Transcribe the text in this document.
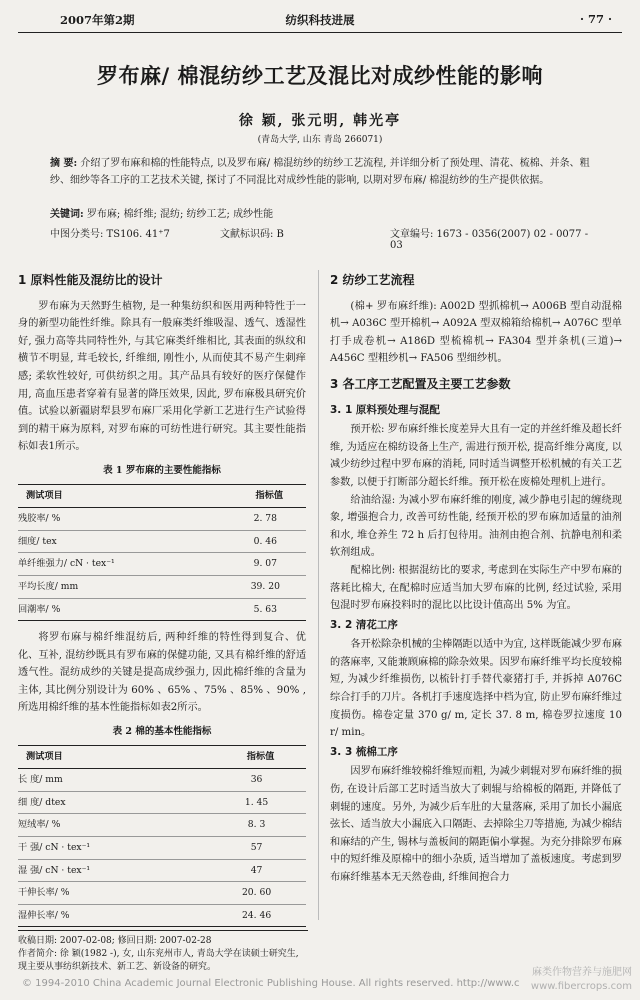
2007年第2期	纺织科技进展	· 77 ·
罗布麻/ 棉混纺纱工艺及混比对成纱性能的影响
徐 颖, 张元明, 韩光亭
(青岛大学, 山东 青岛 266071)
摘 要: 介绍了罗布麻和棉的性能特点, 以及罗布麻/ 棉混纺纱的纺纱工艺流程, 并详细分析了预处理、清花、梳棉、并条、粗纱、细纱等各工序的工艺技术关键, 探讨了不同混比对成纱性能的影响, 以期对罗布麻/ 棉混纺纱的生产提供依据。
关键词: 罗布麻; 棉纤维; 混纺; 纺纱工艺; 成纱性能
中图分类号: TS106. 41⁺7	文献标识码: B	文章编号: 1673 - 0356(2007) 02 - 0077 - 03
1 原料性能及混纺比的设计

罗布麻为天然野生植物, 是一种集纺织和医用两种特性于一身的新型功能性纤维。除具有一般麻类纤维吸湿、透气、透湿性好, 强力高等共同特性外, 与其它麻类纤维相比, 其表面的纵纹和横节不明显, 茸毛较长, 纤维细, 刚性小, 从而使其不易产生刺痒感; 柔软性较好, 可供纺织之用。其产品具有较好的医疗保健作用, 高血压患者穿着有显著的降压效果, 因此, 罗布麻极具研究价值。试验以新疆尉犁县罗布麻厂采用化学新工艺进行生产试验得到的精干麻为原料, 对罗布麻的可纺性进行研究。其主要性能指标如表1所示。

表 1 罗布麻的主要性能指标
测试项目	指标值
残胶率/ %	2. 78
细度/ tex	0. 46
单纤维强力/ cN · tex⁻¹	9. 07
平均长度/ mm	39. 20
回潮率/ %	5. 63

将罗布麻与棉纤维混纺后, 两种纤维的特性得到复合、优化、互补, 混纺纱既具有罗布麻的保健功能, 又具有棉纤维的舒适透气性。混纺成纱的关键是提高成纱强力, 因此棉纤维的含量为主体, 其比例分别设计为 60% 、65% 、75% 、85% 、90% , 所选用棉纤维的基本性能指标如表2所示。

表 2 棉的基本性能指标
测试项目	指标值
长 度/ mm	36
细 度/ dtex	1. 45
短绒率/ %	8. 3
干 强/ cN · tex⁻¹	57
湿 强/ cN · tex⁻¹	47
干伸长率/ %	20. 60
湿伸长率/ %	24. 46
2 纺纱工艺流程

(棉+ 罗布麻纤维): A002D 型抓棉机→ A006B 型自动混棉机→ A036C 型开棉机→ A092A 型双棉箱给棉机→ A076C 型单打手成卷机→ A186D 型梳棉机→ FA304 型并条机(三道)→ A456C 型粗纱机→ FA506 型细纱机。

3 各工序工艺配置及主要工艺参数
3. 1 原料预处理与混配

预开松: 罗布麻纤维长度差异大且有一定的并丝纤维及超长纤维, 为适应在棉纺设备上生产, 需进行预开松, 提高纤维分离度, 以减少纺纱过程中罗布麻的消耗, 同时适当调整开松机械的有关工艺参数, 以便于打断部分超长纤维。预开松在废棉处理机上进行。

给油给湿: 为减小罗布麻纤维的刚度, 减少静电引起的缠绕现象, 增强抱合力, 改善可纺性能, 经预开松的罗布麻加适量的油剂和水, 堆仓养生 72 h 后打包待用。油剂由抱合剂、抗静电剂和柔软剂组成。

配棉比例: 根据混纺比的要求, 考虑到在实际生产中罗布麻的落耗比棉大, 在配棉时应适当加大罗布麻的比例, 经过试验, 采用包混时罗布麻投料时的混比以比设计值高出 5% 为宜。

3. 2 清花工序

各开松除杂机械的尘棒隔距以适中为宜, 这样既能减少罗布麻的落麻率, 又能兼顾麻棉的除杂效果。因罗布麻纤维平均长度较棉短, 为减少纤维损伤, 以梳针打手替代豪猪打手, 并拆掉 A076C 综合打手的刀片。各机打手速度选择中档为宜, 防止罗布麻纤维过度损伤。棉卷定量 370 g/ m, 定长 37. 8 m, 棉卷罗拉速度 10 r/ min。

3. 3 梳棉工序

因罗布麻纤维较棉纤维短而粗, 为减少刺辊对罗布麻纤维的损伤, 在设计后部工艺时适当放大了刺辊与给棉板的隔距, 并降低了刺辊的速度。另外, 为减少后车肚的大量落麻, 采用了加长小漏底弦长、适当放大小漏底入口隔距、去掉除尘刀等措施, 为减少棉结和麻结的产生, 锡林与盖板间的隔距偏小掌握。为充分排除罗布麻中的短纤维及原棉中的细小杂质, 适当增加了盖板速度。考虑到罗布麻纤维基本无天然卷曲, 纤维间抱合力

收稿日期: 2007-02-08; 修回日期: 2007-02-28
作者简介: 徐 颖(1982 -), 女, 山东兖州市人, 青岛大学在读硕士研究生, 现主要从事纺织新技术、新工艺、新设备的研究。
© 1994-2010 China Academic Journal Electronic Publishing House. All rights reserved. http://www.c
麻类作物营养与施肥网
www.fibercrops.com
